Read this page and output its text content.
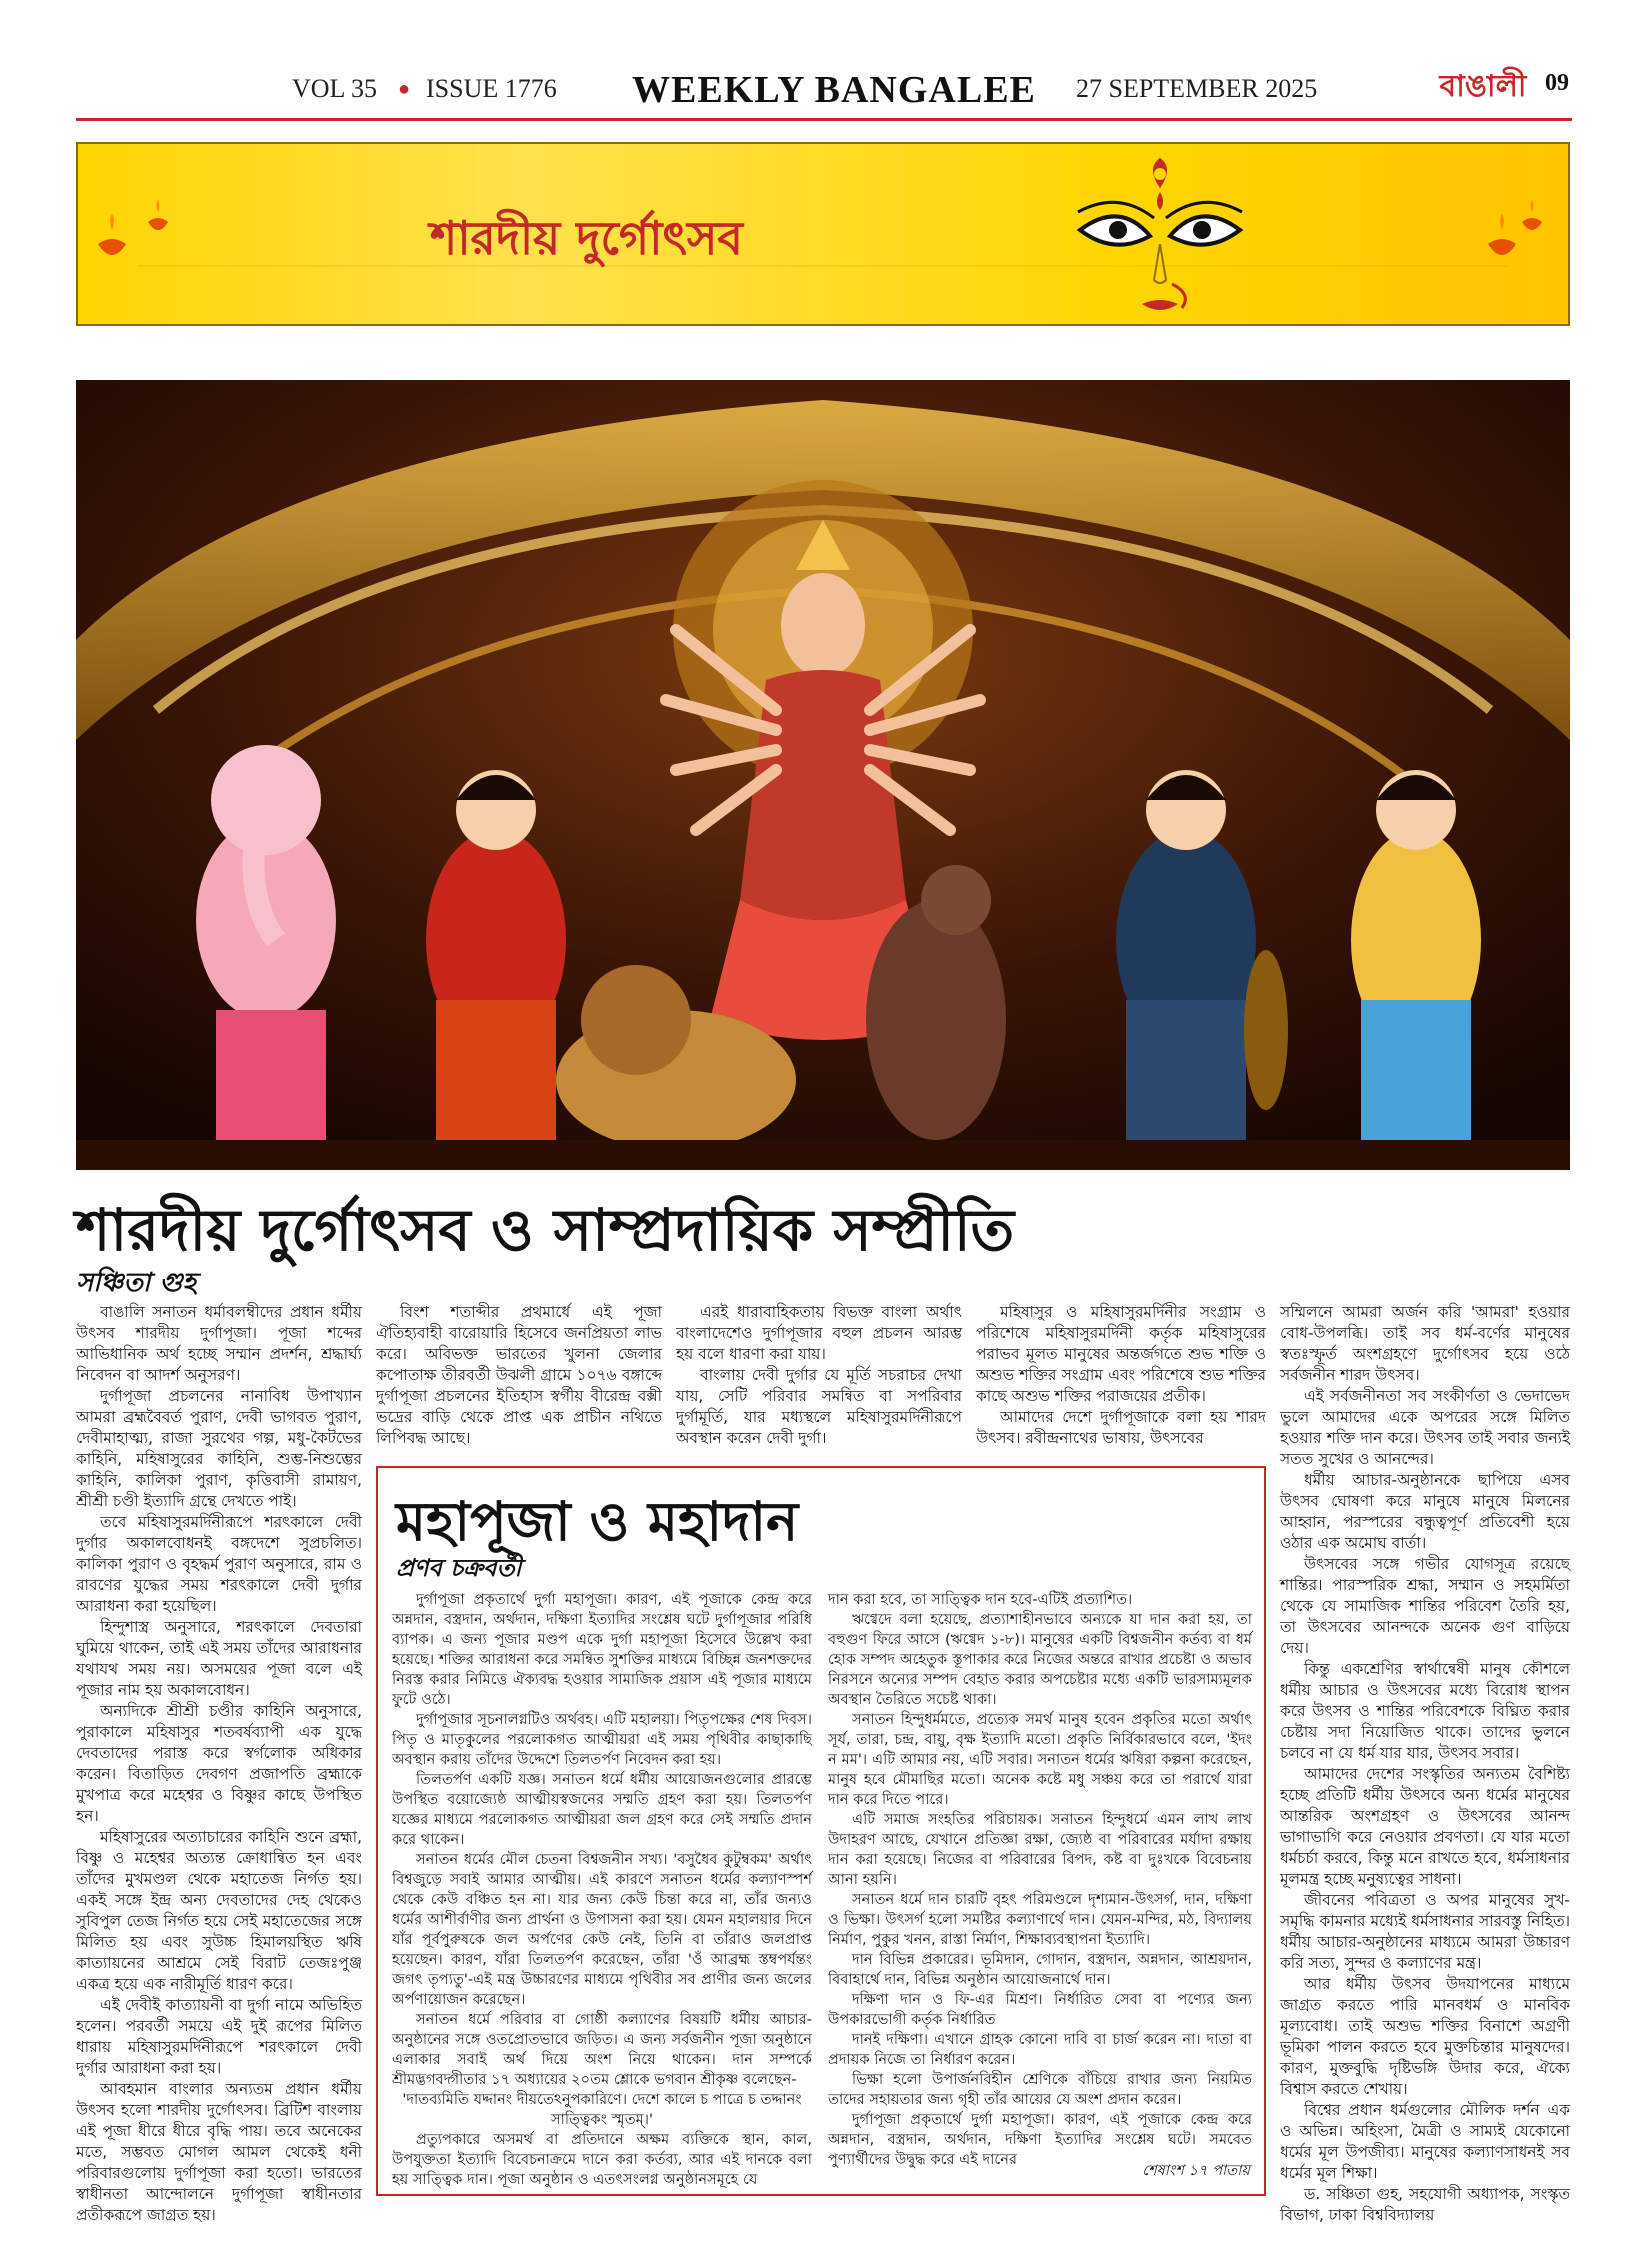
VOL 35 ● ISSUE 1776 WEEKLY BANGALEE 27 SEPTEMBER 2025	বাঙালী 09
শারদীয় দুর্গোৎসব
শারদীয় দুর্গোৎসব ও সাম্প্রদায়িক সম্প্রীতি
সঞ্চিতা গুহ

বাঙালি সনাতন ধর্মাবলম্বীদের প্রধান ধর্মীয় উৎসব শারদীয় দুর্গাপূজা। পূজা শব্দের আভিধানিক অর্থ হচ্ছে সম্মান প্রদর্শন, শ্রদ্ধার্ঘ্য নিবেদন বা আদর্শ অনুসরণ।

দুর্গাপূজা প্রচলনের নানাবিধ উপাখ্যান আমরা ব্রহ্মবৈবর্ত পুরাণ, দেবী ভাগবত পুরাণ, দেবীমাহাত্ম্য, রাজা সুরথের গল্প, মধু-কৈটভের কাহিনি, মহিষাসুরের কাহিনি, শুম্ভ-নিশুম্ভের কাহিনি, কালিকা পুরাণ, কৃত্তিবাসী রামায়ণ, শ্রীশ্রী চণ্ডী ইত্যাদি গ্রন্থে দেখতে পাই।

তবে মহিষাসুরমর্দিনীরূপে শরৎকালে দেবী দুর্গার অকালবোধনই বঙ্গদেশে সুপ্রচলিত। কালিকা পুরাণ ও বৃহদ্ধর্ম পুরাণ অনুসারে, রাম ও রাবণের যুদ্ধের সময় শরৎকালে দেবী দুর্গার আরাধনা করা হয়েছিল।

হিন্দুশাস্ত্র অনুসারে, শরৎকালে দেবতারা ঘুমিয়ে থাকেন, তাই এই সময় তাঁদের আরাধনার যথাযথ সময় নয়। অসময়ের পূজা বলে এই পূজার নাম হয় অকালবোধন।

অন্যদিকে শ্রীশ্রী চণ্ডীর কাহিনি অনুসারে, পুরাকালে মহিষাসুর শতবর্ষব্যাপী এক যুদ্ধে দেবতাদের পরাস্ত করে স্বর্গলোক অধিকার করেন। বিতাড়িত দেবগণ প্রজাপতি ব্রহ্মাকে মুখপাত্র করে মহেশ্বর ও বিষ্ণুর কাছে উপস্থিত হন।

মহিষাসুরের অত্যাচারের কাহিনি শুনে ব্রহ্মা, বিষ্ণু ও মহেশ্বর অত্যন্ত ক্রোধান্বিত হন এবং তাঁদের মুখমণ্ডল থেকে মহাতেজ নির্গত হয়। একই সঙ্গে ইন্দ্র অন্য দেবতাদের দেহ থেকেও সুবিপুল তেজ নির্গত হয়ে সেই মহাতেজের সঙ্গে মিলিত হয় এবং সুউচ্চ হিমালয়স্থিত ঋষি কাত্যায়নের আশ্রমে সেই বিরাট তেজঃপুঞ্জ একত্র হয়ে এক নারীমূর্তি ধারণ করে।

এই দেবীই কাত্যায়নী বা দুর্গা নামে অভিহিত হলেন। পরবর্তী সময়ে এই দুই রূপের মিলিত ধারায় মহিষাসুরমর্দিনীরূপে শরৎকালে দেবী দুর্গার আরাধনা করা হয়।

আবহমান বাংলার অন্যতম প্রধান ধর্মীয় উৎসব হলো শারদীয় দুর্গোৎসব। ব্রিটিশ বাংলায় এই পূজা ধীরে ধীরে বৃদ্ধি পায়। তবে অনেকের মতে, সম্ভবত মোগল আমল থেকেই ধনী পরিবারগুলোয় দুর্গাপূজা করা হতো। ভারতের স্বাধীনতা আন্দোলনে দুর্গাপূজা স্বাধীনতার প্রতীকরূপে জাগ্রত হয়।

বিংশ শতাব্দীর প্রথমার্ধে এই পূজা ঐতিহ্যবাহী বারোয়ারি হিসেবে জনপ্রিয়তা লাভ করে। অবিভক্ত ভারতের খুলনা জেলার কপোতাক্ষ তীরবর্তী উঝলী গ্রামে ১০৭৬ বঙ্গাব্দে দুর্গাপূজা প্রচলনের ইতিহাস স্বর্গীয় বীরেন্দ্র বক্সী ভদ্রের বাড়ি থেকে প্রাপ্ত এক প্রাচীন নথিতে লিপিবদ্ধ আছে।

এরই ধারাবাহিকতায় বিভক্ত বাংলা অর্থাৎ বাংলাদেশেও দুর্গাপূজার বহুল প্রচলন আরম্ভ হয় বলে ধারণা করা যায়।

বাংলায় দেবী দুর্গার যে মূর্তি সচরাচর দেখা যায়, সেটি পরিবার সমন্বিত বা সপরিবার দুর্গামূর্তি, যার মধ্যস্থলে মহিষাসুরমর্দিনীরূপে অবস্থান করেন দেবী দুর্গা।

মহিষাসুর ও মহিষাসুরমর্দিনীর সংগ্রাম ও পরিশেষে মহিষাসুরমর্দিনী কর্তৃক মহিষাসুরের পরাভব মূলত মানুষের অন্তর্জগতে শুভ শক্তি ও অশুভ শক্তির সংগ্রাম এবং পরিশেষে শুভ শক্তির কাছে অশুভ শক্তির পরাজয়ের প্রতীক।

আমাদের দেশে দুর্গাপূজাকে বলা হয় শারদ উৎসব। রবীন্দ্রনাথের ভাষায়, উৎসবের

সম্মিলনে আমরা অর্জন করি 'আমরা' হওয়ার বোধ-উপলব্ধি। তাই সব ধর্ম-বর্ণের মানুষের স্বতঃস্ফূর্ত অংশগ্রহণে দুর্গোৎসব হয়ে ওঠে সর্বজনীন শারদ উৎসব।

এই সর্বজনীনতা সব সংকীর্ণতা ও ভেদাভেদ ভুলে আমাদের একে অপরের সঙ্গে মিলিত হওয়ার শক্তি দান করে। উৎসব তাই সবার জন্যই সতত সুখের ও আনন্দের।

ধর্মীয় আচার-অনুষ্ঠানকে ছাপিয়ে এসব উৎসব ঘোষণা করে মানুষে মানুষে মিলনের আহ্বান, পরস্পরের বন্ধুত্বপূর্ণ প্রতিবেশী হয়ে ওঠার এক অমোঘ বার্তা।

উৎসবের সঙ্গে গভীর যোগসূত্র রয়েছে শান্তির। পারস্পরিক শ্রদ্ধা, সম্মান ও সহমর্মিতা থেকে যে সামাজিক শান্তির পরিবেশ তৈরি হয়, তা উৎসবের আনন্দকে অনেক গুণ বাড়িয়ে দেয়।

কিন্তু একশ্রেণির স্বার্থান্বেষী মানুষ কৌশলে ধর্মীয় আচার ও উৎসবের মধ্যে বিরোধ স্থাপন করে উৎসব ও শান্তির পরিবেশকে বিঘ্নিত করার চেষ্টায় সদা নিয়োজিত থাকে। তাদের ভুলনে চলবে না যে ধর্ম যার যার, উৎসব সবার।

আমাদের দেশের সংস্কৃতির অন্যতম বৈশিষ্ট্য হচ্ছে প্রতিটি ধর্মীয় উৎসবে অন্য ধর্মের মানুষের আন্তরিক অংশগ্রহণ ও উৎসবের আনন্দ ভাগাভাগি করে নেওয়ার প্রবণতা। যে যার মতো ধর্মচর্চা করবে, কিন্তু মনে রাখতে হবে, ধর্মসাধনার মূলমন্ত্র হচ্ছে মনুষ্যত্বের সাধনা।

জীবনের পবিত্রতা ও অপর মানুষের সুখ-সমৃদ্ধি কামনার মধ্যেই ধর্মসাধনার সারবস্তু নিহিত। ধর্মীয় আচার-অনুষ্ঠানের মাধ্যমে আমরা উচ্চারণ করি সত্য, সুন্দর ও কল্যাণের মন্ত্র।

আর ধর্মীয় উৎসব উদযাপনের মাধ্যমে জাগ্রত করতে পারি মানবধর্ম ও মানবিক মূল্যবোধ। তাই অশুভ শক্তির বিনাশে অগ্রণী ভূমিকা পালন করতে হবে মুক্তচিন্তার মানুষদের। কারণ, মুক্তবুদ্ধি দৃষ্টিভঙ্গি উদার করে, ঐক্যে বিশ্বাস করতে শেখায়।

বিশ্বের প্রধান ধর্মগুলোর মৌলিক দর্শন এক ও অভিন্ন। অহিংসা, মৈত্রী ও সাম্যই যেকোনো ধর্মের মূল উপজীব্য। মানুষের কল্যাণসাধনই সব ধর্মের মূল শিক্ষা।

ড. সঞ্চিতা গুহ, সহযোগী অধ্যাপক, সংস্কৃত বিভাগ, ঢাকা বিশ্ববিদ্যালয়

মহাপূজা ও মহাদান
প্রণব চক্রবর্তী

দুর্গাপূজা প্রকৃতার্থে দুর্গা মহাপূজা। কারণ, এই পূজাকে কেন্দ্র করে অন্নদান, বস্ত্রদান, অর্থদান, দক্ষিণা ইত্যাদির সংশ্লেষ ঘটে দুর্গাপূজার পরিধি ব্যাপক। এ জন্য পূজার মণ্ডপ একে দুর্গা মহাপূজা হিসেবে উল্লেখ করা হয়েছে। শক্তির আরাধনা করে সমন্বিত সুশক্তির মাধ্যমে বিচ্ছিন্ন জনশক্তদের নিরস্ত করার নিমিত্তে ঐক্যবদ্ধ হওয়ার সামাজিক প্রয়াস এই পূজার মাধ্যমে ফুটে ওঠে।

দুর্গাপূজার সূচনালগ্নটিও অর্থবহ। এটি মহালয়া। পিতৃপক্ষের শেষ দিবস। পিতৃ ও মাতৃকুলের পরলোকগত আত্মীয়রা এই সময় পৃথিবীর কাছাকাছি অবস্থান করায় তাঁদের উদ্দেশে তিলতর্পণ নিবেদন করা হয়।

তিলতর্পণ একটি যজ্ঞ। সনাতন ধর্মে ধর্মীয় আয়োজনগুলোর প্রারম্ভে উপস্থিত বয়োজ্যেষ্ঠ আত্মীয়স্বজনের সম্মতি গ্রহণ করা হয়। তিলতর্পণ যজ্ঞের মাধ্যমে পরলোকগত আত্মীয়রা জল গ্রহণ করে সেই সম্মতি প্রদান করে থাকেন।

সনাতন ধর্মের মৌল চেতনা বিশ্বজনীন সখ্য। 'বসুধৈব কুটুম্বকম' অর্থাৎ বিশ্বজুড়ে সবাই আমার আত্মীয়। এই কারণে সনাতন ধর্মের কল্যাণস্পর্শ থেকে কেউ বঞ্চিত হন না। যার জন্য কেউ চিন্তা করে না, তাঁর জন্যও ধর্মের আশীর্বাণীর জন্য প্রার্থনা ও উপাসনা করা হয়। যেমন মহালয়ার দিনে যাঁর পূর্বপুরুষকে জল অর্পণের কেউ নেই, তিনি বা তাঁরাও জলপ্রাপ্ত হয়েছেন। কারণ, যাঁরা তিলতর্পণ করেছেন, তাঁরা 'ওঁ আব্রহ্ম স্তম্বপর্যন্তং জগৎ তৃপ্যতু'-এই মন্ত্র উচ্চারণের মাধ্যমে পৃথিবীর সব প্রাণীর জন্য জলের অর্পণায়োজন করেছেন।

সনাতন ধর্মে পরিবার বা গোষ্ঠী কল্যাণের বিষয়টি ধর্মীয় আচার-অনুষ্ঠানের সঙ্গে ওতপ্রোতভাবে জড়িত। এ জন্য সর্বজনীন পূজা অনুষ্ঠানে এলাকার সবাই অর্থ দিয়ে অংশ নিয়ে থাকেন। দান সম্পর্কে শ্রীমদ্ভগবদ্গীতার ১৭ অধ্যায়ের ২০তম শ্লোকে ভগবান শ্রীকৃষ্ণ বলেছেন-

'দাতব্যমিতি যদ্দানং দীয়তেঽনুপকারিণে। দেশে কালে চ পাত্রে চ তদ্দানং সাত্ত্বিকং স্মৃতম্।'

প্রত্যুপকারে অসমর্থ বা প্রতিদানে অক্ষম ব্যক্তিকে স্থান, কাল, উপযুক্ততা ইত্যাদি বিবেচনাক্রমে দানে করা কর্তব্য, আর এই দানকে বলা হয় সাত্ত্বিক দান। পূজা অনুষ্ঠান ও এতৎসংলগ্ন অনুষ্ঠানসমূহে যে

দান করা হবে, তা সাত্ত্বিক দান হবে-এটিই প্রত্যাশিত।

ঋগ্বেদে বলা হয়েছে, প্রত্যাশাহীনভাবে অন্যকে যা দান করা হয়, তা বহুগুণ ফিরে আসে (ঋগ্বেদ ১-৮)। মানুষের একটি বিশ্বজনীন কর্তব্য বা ধর্ম হোক সম্পদ অহেতুক স্তূপাকার করে নিজের অন্তরে রাখার প্রচেষ্টা ও অভাব নিরসনে অন্যের সম্পদ বেহাত করার অপচেষ্টার মধ্যে একটি ভারসাম্যমূলক অবস্থান তৈরিতে সচেষ্ট থাকা।

সনাতন হিন্দুধর্মমতে, প্রত্যেক সমর্থ মানুষ হবেন প্রকৃতির মতো অর্থাৎ সূর্য, তারা, চন্দ্র, বায়ু, বৃক্ষ ইত্যাদি মতো। প্রকৃতি নির্বিকারভাবে বলে, 'ইদং ন মম'। এটি আমার নয়, এটি সবার। সনাতন ধর্মের ঋষিরা কল্পনা করেছেন, মানুষ হবে মৌমাছির মতো। অনেক কষ্টে মধু সঞ্চয় করে তা পরার্থে যারা দান করে দিতে পারে।

এটি সমাজ সংহতির পরিচায়ক। সনাতন হিন্দুধর্মে এমন লাখ লাখ উদাহরণ আছে, যেখানে প্রতিজ্ঞা রক্ষা, জ্যেষ্ঠ বা পরিবারের মর্যাদা রক্ষায় দান করা হয়েছে। নিজের বা পরিবারের বিপদ, কষ্ট বা দুঃখকে বিবেচনায় আনা হয়নি।

সনাতন ধর্মে দান চারটি বৃহৎ পরিমণ্ডলে দৃশ্যমান-উৎসর্গ, দান, দক্ষিণা ও ভিক্ষা। উৎসর্গ হলো সমষ্টির কল্যাণার্থে দান। যেমন-মন্দির, মঠ, বিদ্যালয় নির্মাণ, পুকুর খনন, রাস্তা নির্মাণ, শিক্ষাব্যবস্থাপনা ইত্যাদি।

দান বিভিন্ন প্রকারের। ভূমিদান, গোদান, বস্ত্রদান, অন্নদান, আশ্রয়দান, বিবাহার্থে দান, বিভিন্ন অনুষ্ঠান আয়োজনার্থে দান।

দক্ষিণা দান ও ফি-এর মিশ্রণ। নির্ধারিত সেবা বা পণ্যের জন্য উপকারভোগী কর্তৃক নির্ধারিত

দানই দক্ষিণা। এখানে গ্রাহক কোনো দাবি বা চার্জ করেন না। দাতা বা প্রদায়ক নিজে তা নির্ধারণ করেন।

ভিক্ষা হলো উপার্জনবিহীন শ্রেণিকে বাঁচিয়ে রাখার জন্য নিয়মিত তাদের সহায়তার জন্য গৃহী তাঁর আয়ের যে অংশ প্রদান করেন।

দুর্গাপূজা প্রকৃতার্থে দুর্গা মহাপূজা। কারণ, এই পূজাকে কেন্দ্র করে অন্নদান, বস্ত্রদান, অর্থদান, দক্ষিণা ইত্যাদির সংশ্লেষ ঘটে। সমবেত পুণ্যার্থীদের উদ্বুদ্ধ করে এই দানের

শেষাংশ ১৭ পাতায়
